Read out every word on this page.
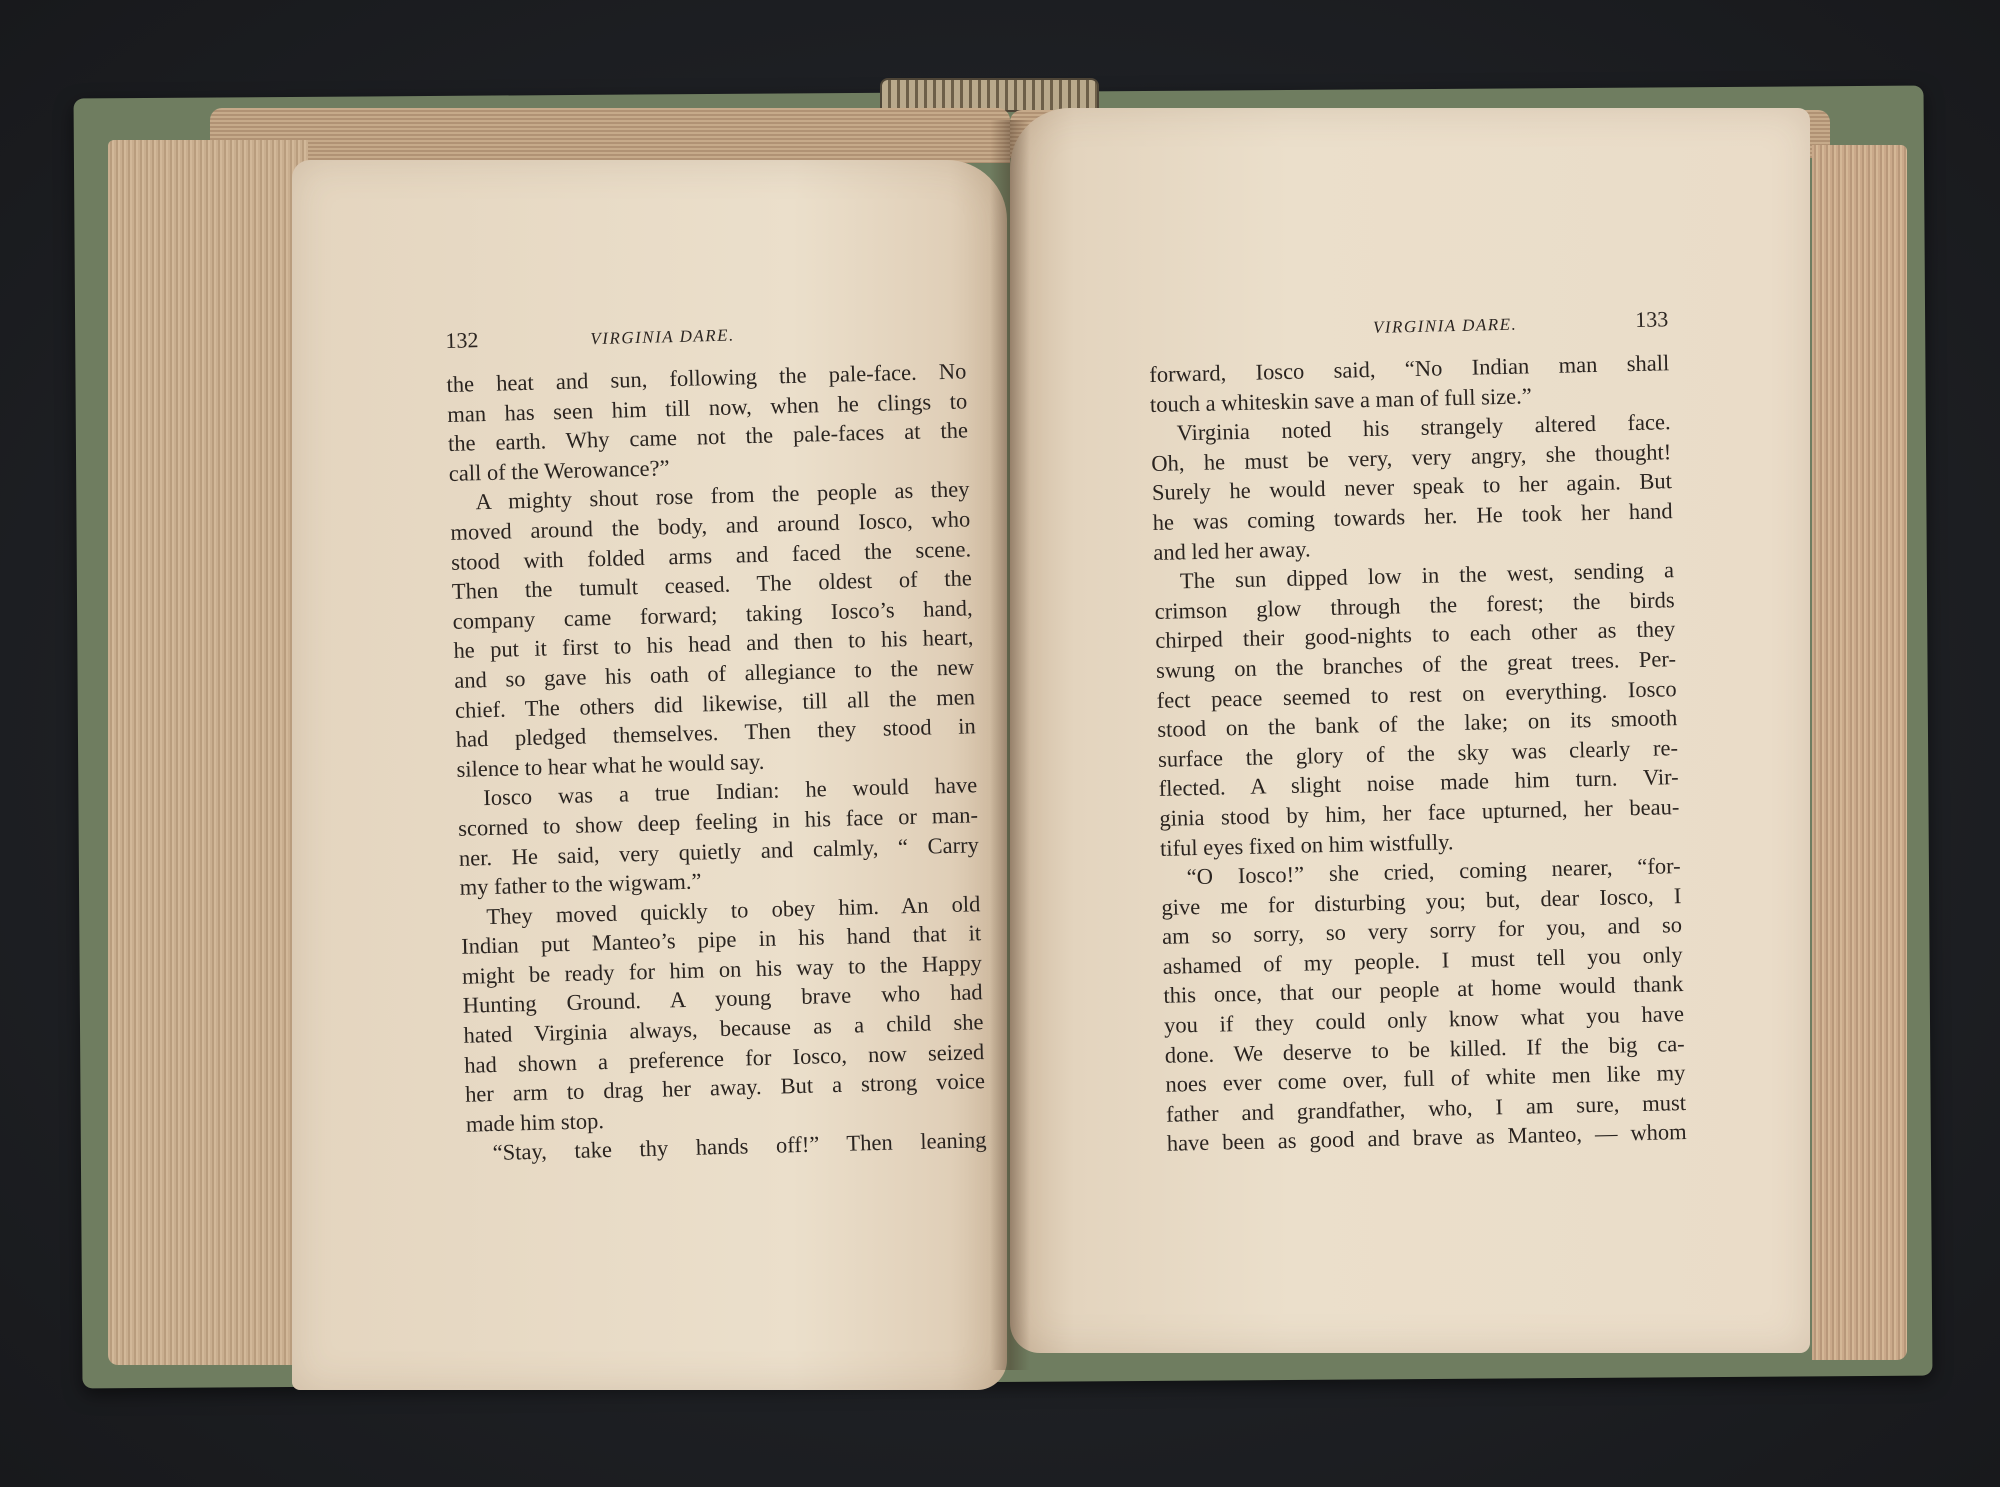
132	VIRGINIA DARE.
the heat and sun, following the pale-face. No
man has seen him till now, when he clings to
the earth. Why came not the pale-faces at the
call of the Werowance?”
A mighty shout rose from the people as they
moved around the body, and around Iosco, who
stood with folded arms and faced the scene.
Then the tumult ceased. The oldest of the
company came forward; taking Iosco’s hand,
he put it first to his head and then to his heart,
and so gave his oath of allegiance to the new
chief. The others did likewise, till all the men
had pledged themselves. Then they stood in
silence to hear what he would say.
Iosco was a true Indian: he would have
scorned to show deep feeling in his face or man-
ner. He said, very quietly and calmly, “ Carry
my father to the wigwam.”
They moved quickly to obey him. An old
Indian put Manteo’s pipe in his hand that it
might be ready for him on his way to the Happy
Hunting Ground. A young brave who had
hated Virginia always, because as a child she
had shown a preference for Iosco, now seized
her arm to drag her away. But a strong voice
made him stop.
“Stay, take thy hands off!” Then leaning
VIRGINIA DARE.	133
forward, Iosco said, “No Indian man shall
touch a whiteskin save a man of full size.”
Virginia noted his strangely altered face.
Oh, he must be very, very angry, she thought!
Surely he would never speak to her again. But
he was coming towards her. He took her hand
and led her away.
The sun dipped low in the west, sending a
crimson glow through the forest; the birds
chirped their good-nights to each other as they
swung on the branches of the great trees. Per-
fect peace seemed to rest on everything. Iosco
stood on the bank of the lake; on its smooth
surface the glory of the sky was clearly re-
flected. A slight noise made him turn. Vir-
ginia stood by him, her face upturned, her beau-
tiful eyes fixed on him wistfully.
“O Iosco!” she cried, coming nearer, “for-
give me for disturbing you; but, dear Iosco, I
am so sorry, so very sorry for you, and so
ashamed of my people. I must tell you only
this once, that our people at home would thank
you if they could only know what you have
done. We deserve to be killed. If the big ca-
noes ever come over, full of white men like my
father and grandfather, who, I am sure, must
have been as good and brave as Manteo, — whom
